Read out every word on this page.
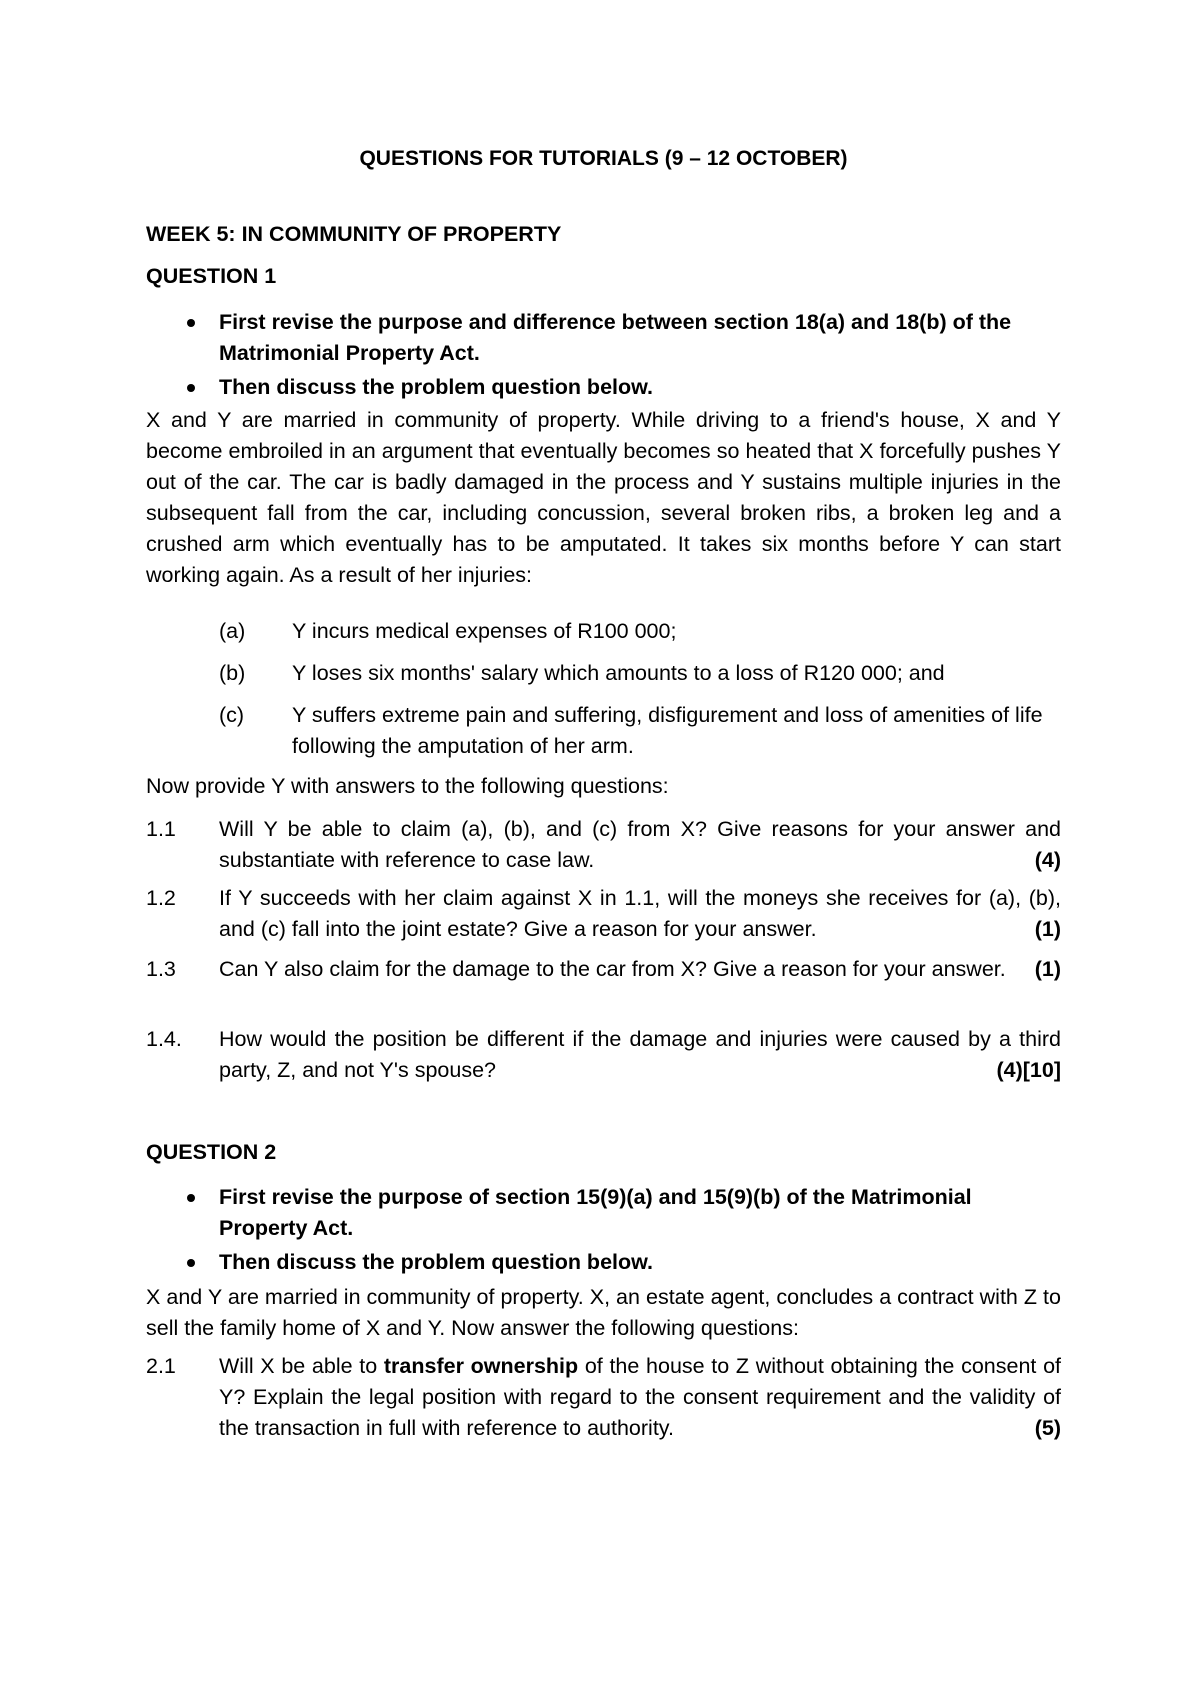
QUESTIONS FOR TUTORIALS (9 – 12 OCTOBER)
WEEK 5: IN COMMUNITY OF PROPERTY
QUESTION 1
First revise the purpose and difference between section 18(a) and 18(b) of the Matrimonial Property Act.
Then discuss the problem question below.
X and Y are married in community of property. While driving to a friend's house, X and Y become embroiled in an argument that eventually becomes so heated that X forcefully pushes Y out of the car. The car is badly damaged in the process and Y sustains multiple injuries in the subsequent fall from the car, including concussion, several broken ribs, a broken leg and a crushed arm which eventually has to be amputated. It takes six months before Y can start working again. As a result of her injuries:
(a) Y incurs medical expenses of R100 000;
(b) Y loses six months' salary which amounts to a loss of R120 000; and
(c) Y suffers extreme pain and suffering, disfigurement and loss of amenities of life following the amputation of her arm.
Now provide Y with answers to the following questions:
1.1 Will Y be able to claim (a), (b), and (c) from X? Give reasons for your answer and substantiate with reference to case law.	(4)
1.2 If Y succeeds with her claim against X in 1.1, will the moneys she receives for (a), (b), and (c) fall into the joint estate? Give a reason for your answer.	(1)
1.3 Can Y also claim for the damage to the car from X? Give a reason for your answer. (1)
1.4. How would the position be different if the damage and injuries were caused by a third party, Z, and not Y's spouse?	(4)[10]
QUESTION 2
First revise the purpose of section 15(9)(a) and 15(9)(b) of the Matrimonial Property Act.
Then discuss the problem question below.
X and Y are married in community of property. X, an estate agent, concludes a contract with Z to sell the family home of X and Y. Now answer the following questions:
2.1 Will X be able to transfer ownership of the house to Z without obtaining the consent of Y? Explain the legal position with regard to the consent requirement and the validity of the transaction in full with reference to authority.	(5)
